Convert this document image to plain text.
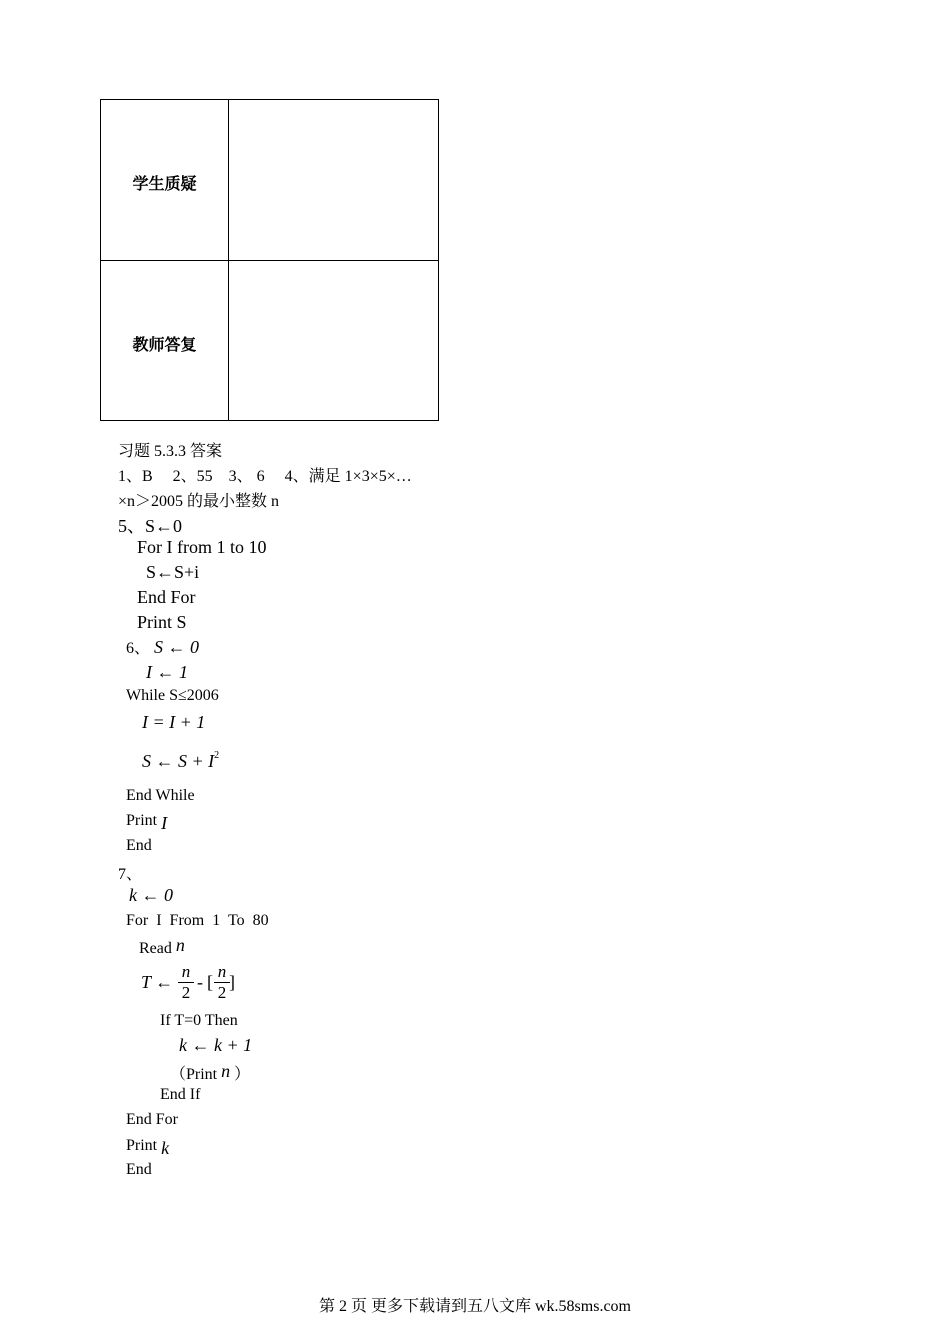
学生质疑
教师答复
习题 5.3.3 答案
1、B     2、55    3、 6     4、满足 1×3×5×…
×n＞2005 的最小整数 n
5、S←0
For I from 1 to 10
S←S+i
End For
Print S
6、 S ← 0
I ← 1
While S≤2006
I = I + 1
S ← $S + I^2$
End While
Print I
End
7、
k ← 0
For  I  From  1  To  80
Read n
T ←
n
2
- [
n
2
]
If T=0 Then
k ← k + 1
（Print n ）
End If
End For
Print k
End
第 2 页 更多下载请到五八文库 wk.58sms.com
